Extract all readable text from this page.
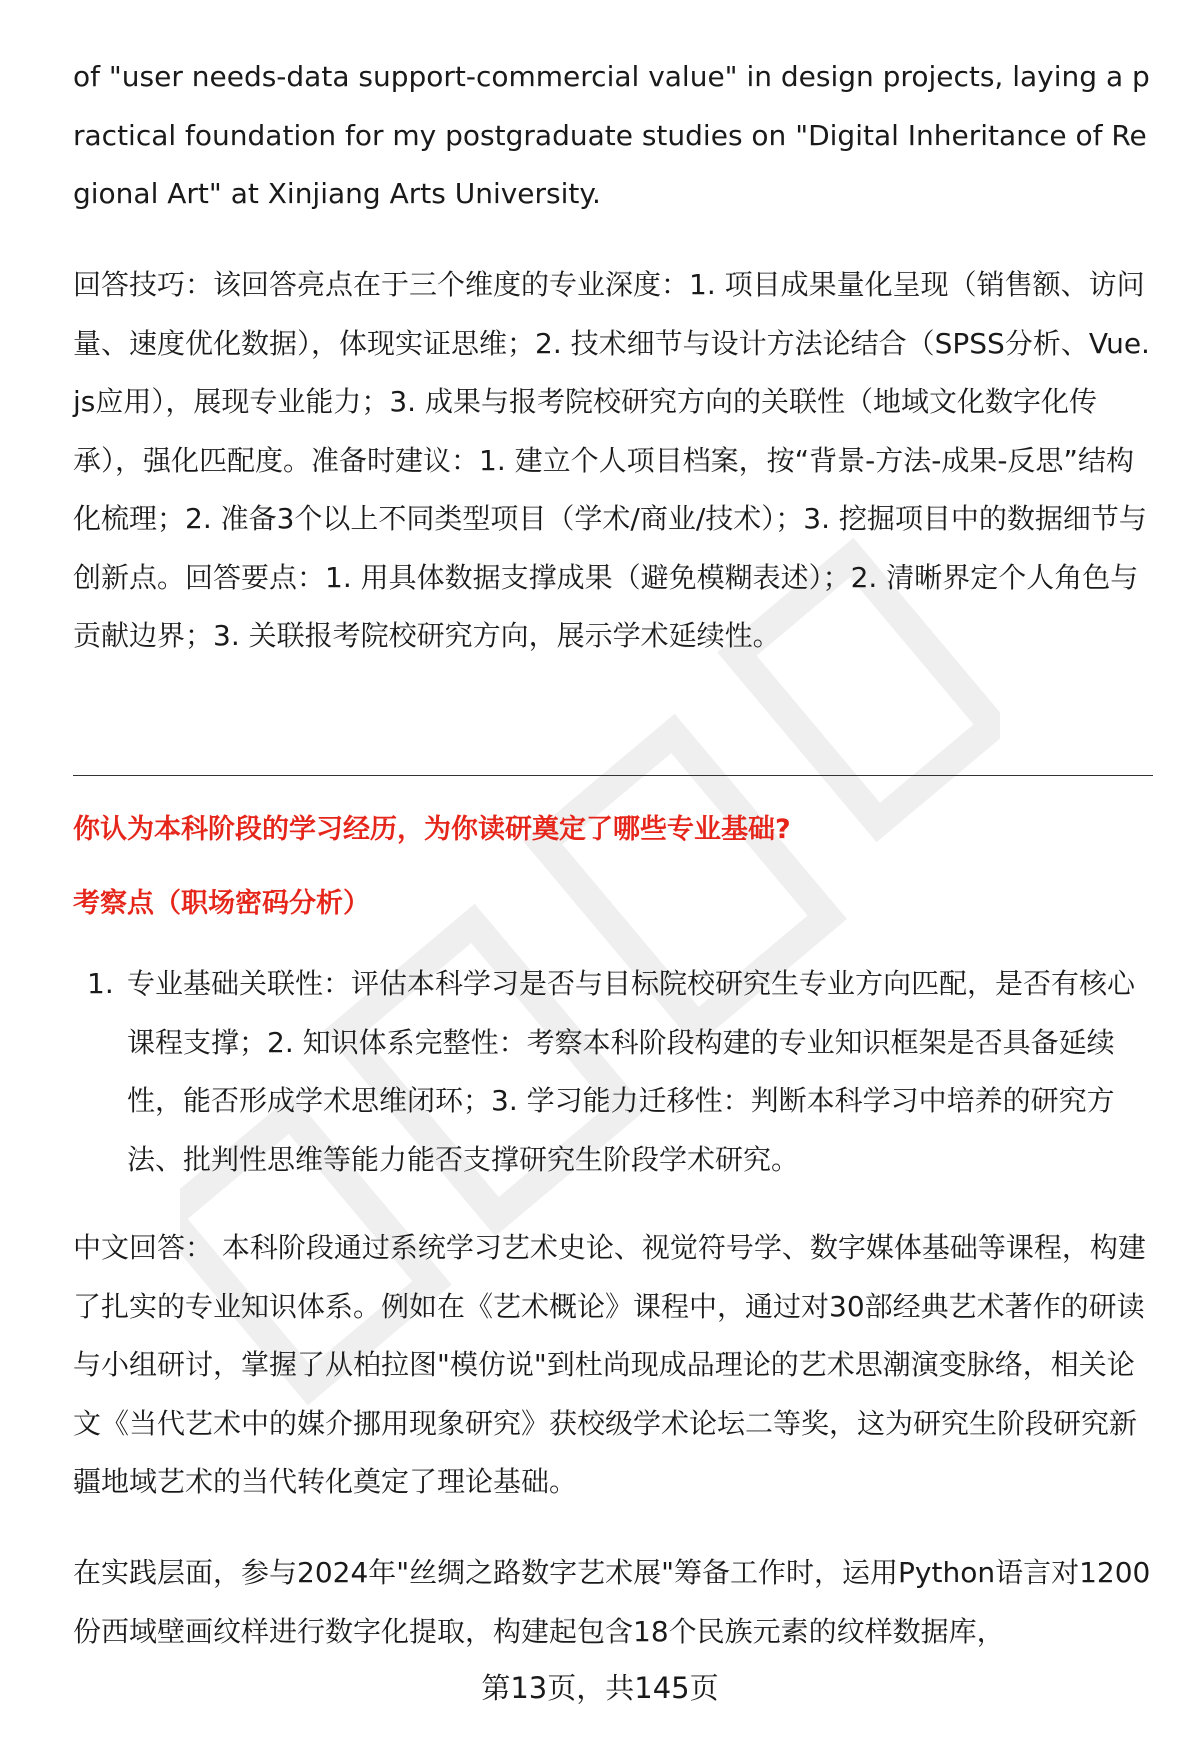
of "user needs-data support-commercial value" in design projects, laying a practical foundation for my postgraduate studies on "Digital Inheritance of Regional Art" at Xinjiang Arts University.

回答技巧：该回答亮点在于三个维度的专业深度：1. 项目成果量化呈现（销售额、访问量、速度优化数据），体现实证思维；2. 技术细节与设计方法论结合（SPSS分析、Vue.js应用），展现专业能力；3. 成果与报考院校研究方向的关联性（地域文化数字化传承），强化匹配度。准备时建议：1. 建立个人项目档案，按“背景-方法-成果-反思”结构化梳理；2. 准备3个以上不同类型项目（学术/商业/技术）；3. 挖掘项目中的数据细节与创新点。回答要点：1. 用具体数据支撑成果（避免模糊表述）；2. 清晰界定个人角色与贡献边界；3. 关联报考院校研究方向，展示学术延续性。

你认为本科阶段的学习经历，为你读研奠定了哪些专业基础?
考察点（职场密码分析）
1. 专业基础关联性：评估本科学习是否与目标院校研究生专业方向匹配，是否有核心课程支撑；2. 知识体系完整性：考察本科阶段构建的专业知识框架是否具备延续性，能否形成学术思维闭环；3. 学习能力迁移性：判断本科学习中培养的研究方法、批判性思维等能力能否支撑研究生阶段学术研究。

中文回答： 本科阶段通过系统学习艺术史论、视觉符号学、数字媒体基础等课程，构建了扎实的专业知识体系。例如在《艺术概论》课程中，通过对30部经典艺术著作的研读与小组研讨，掌握了从柏拉图"模仿说"到杜尚现成品理论的艺术思潮演变脉络，相关论文《当代艺术中的媒介挪用现象研究》获校级学术论坛二等奖，这为研究生阶段研究新疆地域艺术的当代转化奠定了理论基础。

在实践层面，参与2024年"丝绸之路数字艺术展"筹备工作时，运用Python语言对1200份西域壁画纹样进行数字化提取，构建起包含18个民族元素的纹样数据库，

第13页，共145页
